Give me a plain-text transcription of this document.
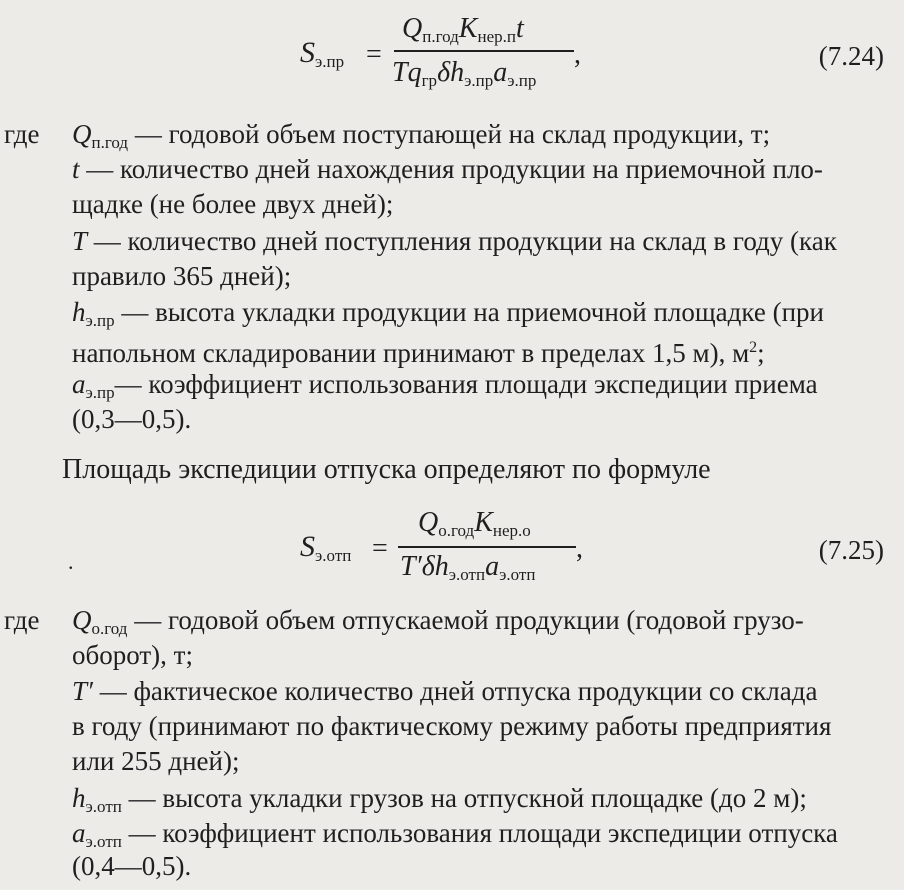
$S_{э.пр}$ =
$Q_{п.год}K_{нер.п}t$
$Tq_{гр}\delta h_{э.пр}a_{э.пр}$
,	(7.24)
где $Q_{п.год}$ — годовой объем поступающей на склад продукции, т;
t — количество дней нахождения продукции на приемочной пло-
щадке (не более двух дней);
T — количество дней поступления продукции на склад в году (как
правило 365 дней);
$h_{э.пр}$ — высота укладки продукции на приемочной площадке (при
напольном складировании принимают в пределах 1,5 м), $м^2$;
$a_{э.пр}—$ коэффициент использования площади экспедиции приема
(0,3—0,5).
Площадь экспедиции отпуска определяют по формуле
.	$S_{э.отп}$ =
$Q_{о.год}K_{нер.о}$
$T'\delta h_{э.отп}a_{э.отп}$
,	(7.25)
где $Q_{о.год}$ — годовой объем отпускаемой продукции (годовой грузо-
оборот), т;
T′ — фактическое количество дней отпуска продукции со склада
в году (принимают по фактическому режиму работы предприятия
или 255 дней);
$h_{э.отп}$ — высота укладки грузов на отпускной площадке (до 2 м);
$a_{э.отп}$ — коэффициент использования площади экспедиции отпуска
(0,4—0,5).
